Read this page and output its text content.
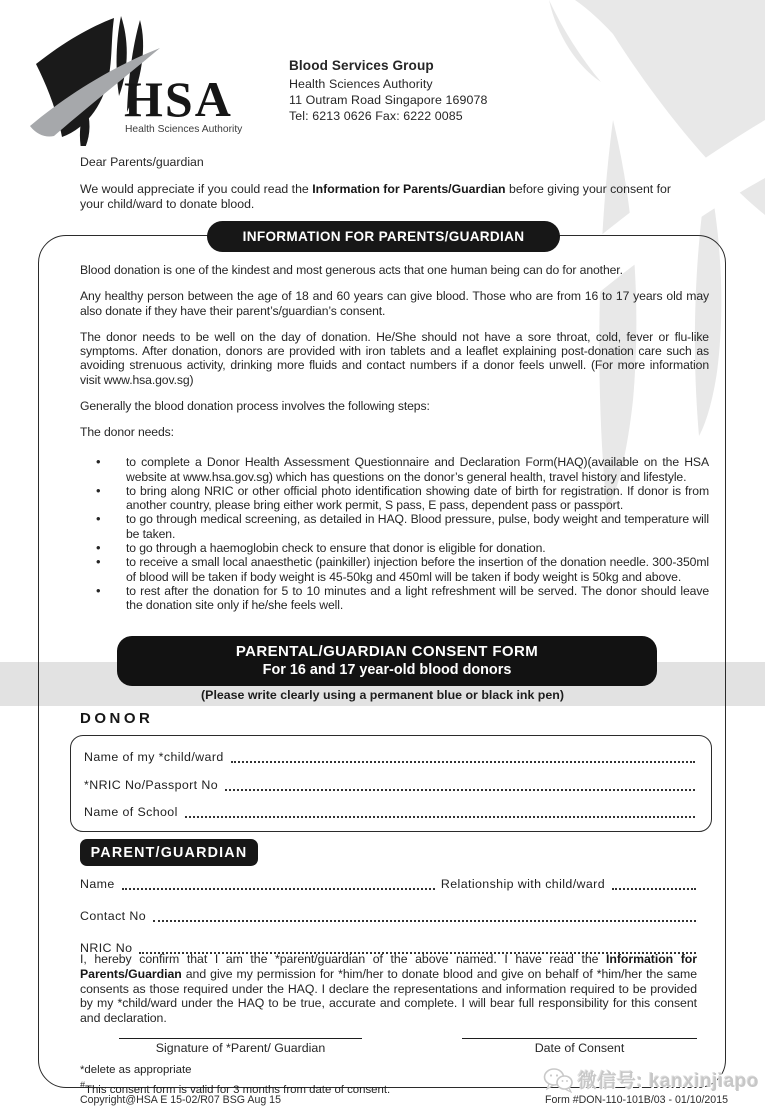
HSA
Health Sciences Authority
Blood Services Group
Health Sciences Authority
11 Outram Road Singapore 169078
Tel: 6213 0626 Fax: 6222 0085
Dear Parents/guardian
We would appreciate if you could read the Information for Parents/Guardian before giving your consent for your child/ward to donate blood.
INFORMATION FOR PARENTS/GUARDIAN

Blood donation is one of the kindest and most generous acts that one human being can do for another.

Any healthy person between the age of 18 and 60 years can give blood. Those who are from 16 to 17 years old may also donate if they have their parent’s/guardian’s consent.

The donor needs to be well on the day of donation. He/She should not have a sore throat, cold, fever or flu-like symptoms. After donation, donors are provided with iron tablets and a leaflet explaining post-donation care such as avoiding strenuous activity, drinking more fluids and contact numbers if a donor feels unwell. (For more information visit www.hsa.gov.sg)

Generally the blood donation process involves the following steps:

The donor needs:

• to complete a Donor Health Assessment Questionnaire and Declaration Form(HAQ)(available on the HSA website at www.hsa.gov.sg) which has questions on the donor’s general health, travel history and lifestyle.
• to bring along NRIC or other official photo identification showing date of birth for registration. If donor is from another country, please bring either work permit, S pass, E pass, dependent pass or passport.
• to go through medical screening, as detailed in HAQ. Blood pressure, pulse, body weight and temperature will be taken.
• to go through a haemoglobin check to ensure that donor is eligible for donation.
• to receive a small local anaesthetic (painkiller) injection before the insertion of the donation needle. 300-350ml of blood will be taken if body weight is 45-50kg and 450ml will be taken if body weight is 50kg and above.
• to rest after the donation for 5 to 10 minutes and a light refreshment will be served. The donor should leave the donation site only if he/she feels well.
PARENTAL/GUARDIAN CONSENT FORM
For 16 and 17 year-old blood donors
(Please write clearly using a permanent blue or black ink pen)
DONOR
Name of my *child/ward
*NRIC No/Passport No
Name of School
PARENT/GUARDIAN
Name	Relationship with child/ward
Contact No
NRIC No
I, hereby confirm that I am the *parent/guardian of the above named. I have read the Information for Parents/Guardian and give my permission for *him/her to donate blood and give on behalf of *him/her the same consents as those required under the HAQ. I declare the representations and information required to be provided by my *child/ward under the HAQ to be true, accurate and complete. I will bear full responsibility for this consent and declaration.
Signature of *Parent/ Guardian	Date of Consent
*delete as appropriate
#This consent form is valid for 3 months from date of consent.
Copyright@HSA E 15-02/R07 BSG Aug 15	Form #DON-110-101B/03 - 01/10/2015
微信号: kanxinjiapo
